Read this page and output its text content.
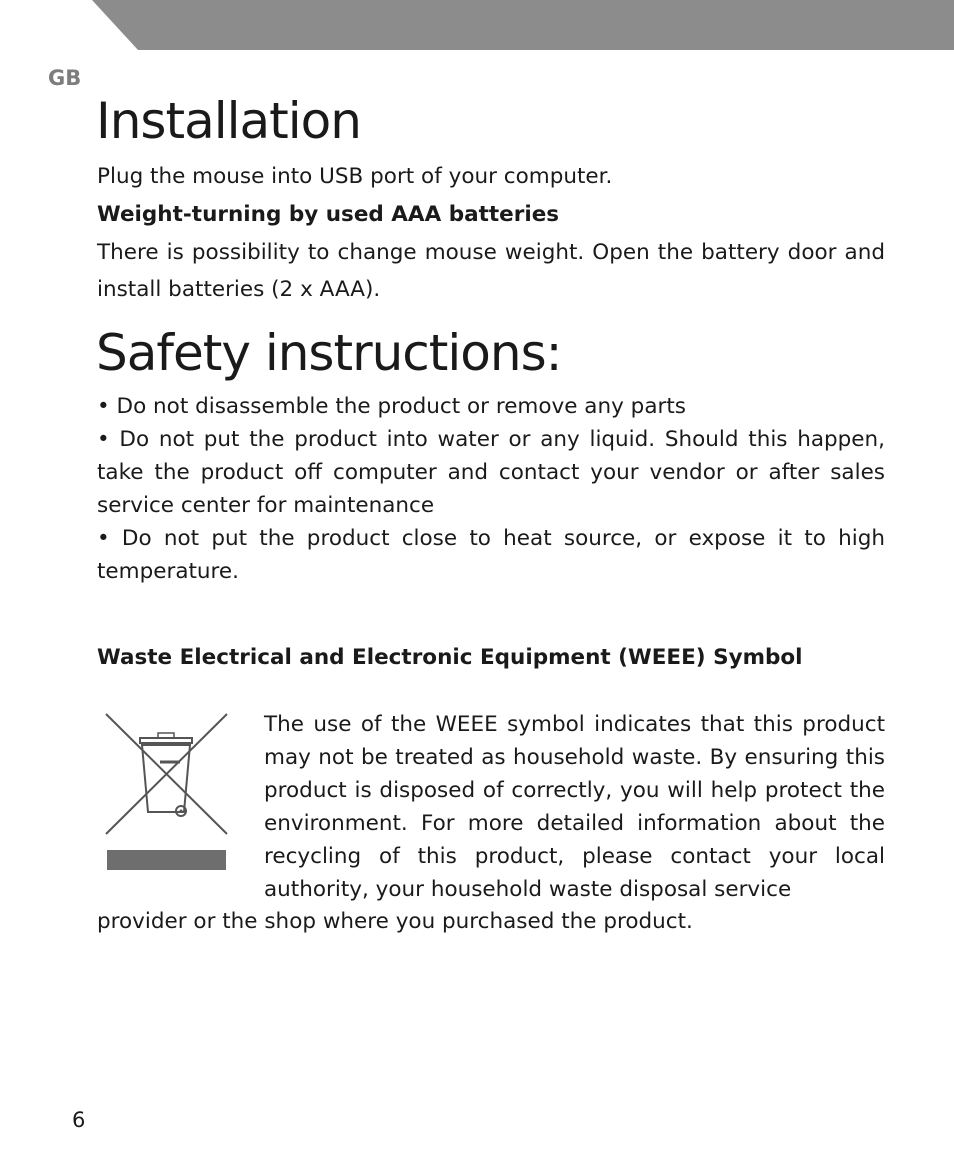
GB
Installation

Plug the mouse into USB port of your computer.

Weight-turning by used AAA batteries

There is possibility to change mouse weight. Open the battery door and install batteries (2 x AAA).

Safety instructions:

• Do not disassemble the product or remove any parts

• Do not put the product into water or any liquid. Should this happen, take the product off computer and contact your vendor or after sales service center for maintenance

• Do not put the product close to heat source, or expose it to high temperature.

Waste Electrical and Electronic Equipment (WEEE) Symbol

The use of the WEEE symbol indicates that this product may not be treated as household waste. By ensuring this product is disposed of correctly, you will help protect the environment. For more detailed information about the recycling of this product, please contact your local authority, your household waste disposal service

provider or the shop where you purchased the product.

6
